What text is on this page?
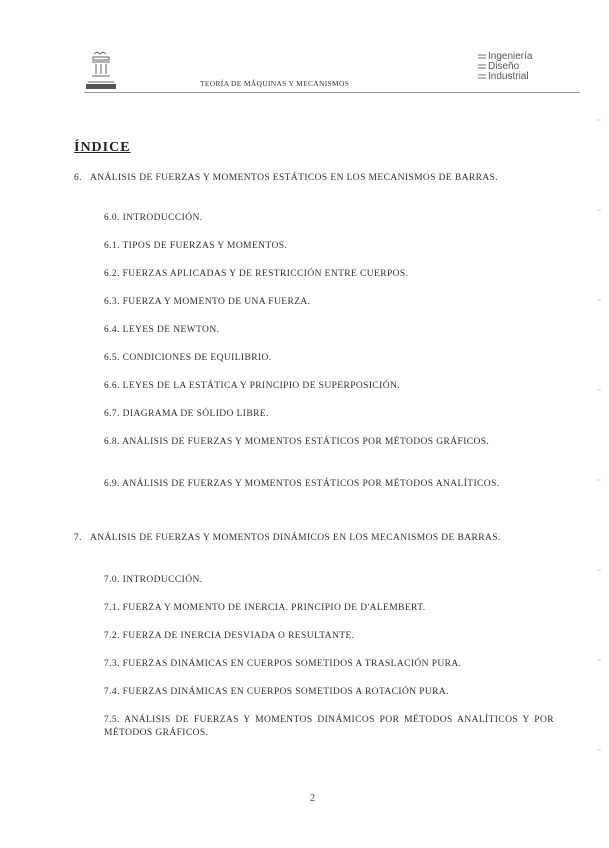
TEORÍA DE MÁQUINAS Y MECANISMOS
Ingeniería
Diseño
Industrial
ÍNDICE
6. ANÁLISIS DE FUERZAS Y MOMENTOS ESTÁTICOS EN LOS MECANISMOS DE BARRAS.
6.0. INTRODUCCIÓN.
6.1. TIPOS DE FUERZAS Y MOMENTOS.
6.2. FUERZAS APLICADAS Y DE RESTRICCIÓN ENTRE CUERPOS.
6.3. FUERZA Y MOMENTO DE UNA FUERZA.
6.4. LEYES DE NEWTON.
6.5. CONDICIONES DE EQUILIBRIO.
6.6. LEYES DE LA ESTÁTICA Y PRINCIPIO DE SUPERPOSICIÓN.
6.7. DIAGRAMA DE SÓLIDO LIBRE.
6.8. ANÁLISIS DE FUERZAS Y MOMENTOS ESTÁTICOS POR MÉTODOS GRÁFICOS.
6.9. ANÁLISIS DE FUERZAS Y MOMENTOS ESTÁTICOS POR MÉTODOS ANALÍTICOS.
7. ANÁLISIS DE FUERZAS Y MOMENTOS DINÁMICOS EN LOS MECANISMOS DE BARRAS.
7.0. INTRODUCCIÓN.
7.1. FUERZA Y MOMENTO DE INERCIA. PRINCIPIO DE D'ALEMBERT.
7.2. FUERZA DE INERCIA DESVIADA O RESULTANTE.
7.3. FUERZAS DINÁMICAS EN CUERPOS SOMETIDOS A TRASLACIÓN PURA.
7.4. FUERZAS DINÁMICAS EN CUERPOS SOMETIDOS A ROTACIÓN PURA.
7.5. ANÁLISIS DE FUERZAS Y MOMENTOS DINÁMICOS POR MÉTODOS ANALÍTICOS Y POR MÉTODOS GRÁFICOS.
2
